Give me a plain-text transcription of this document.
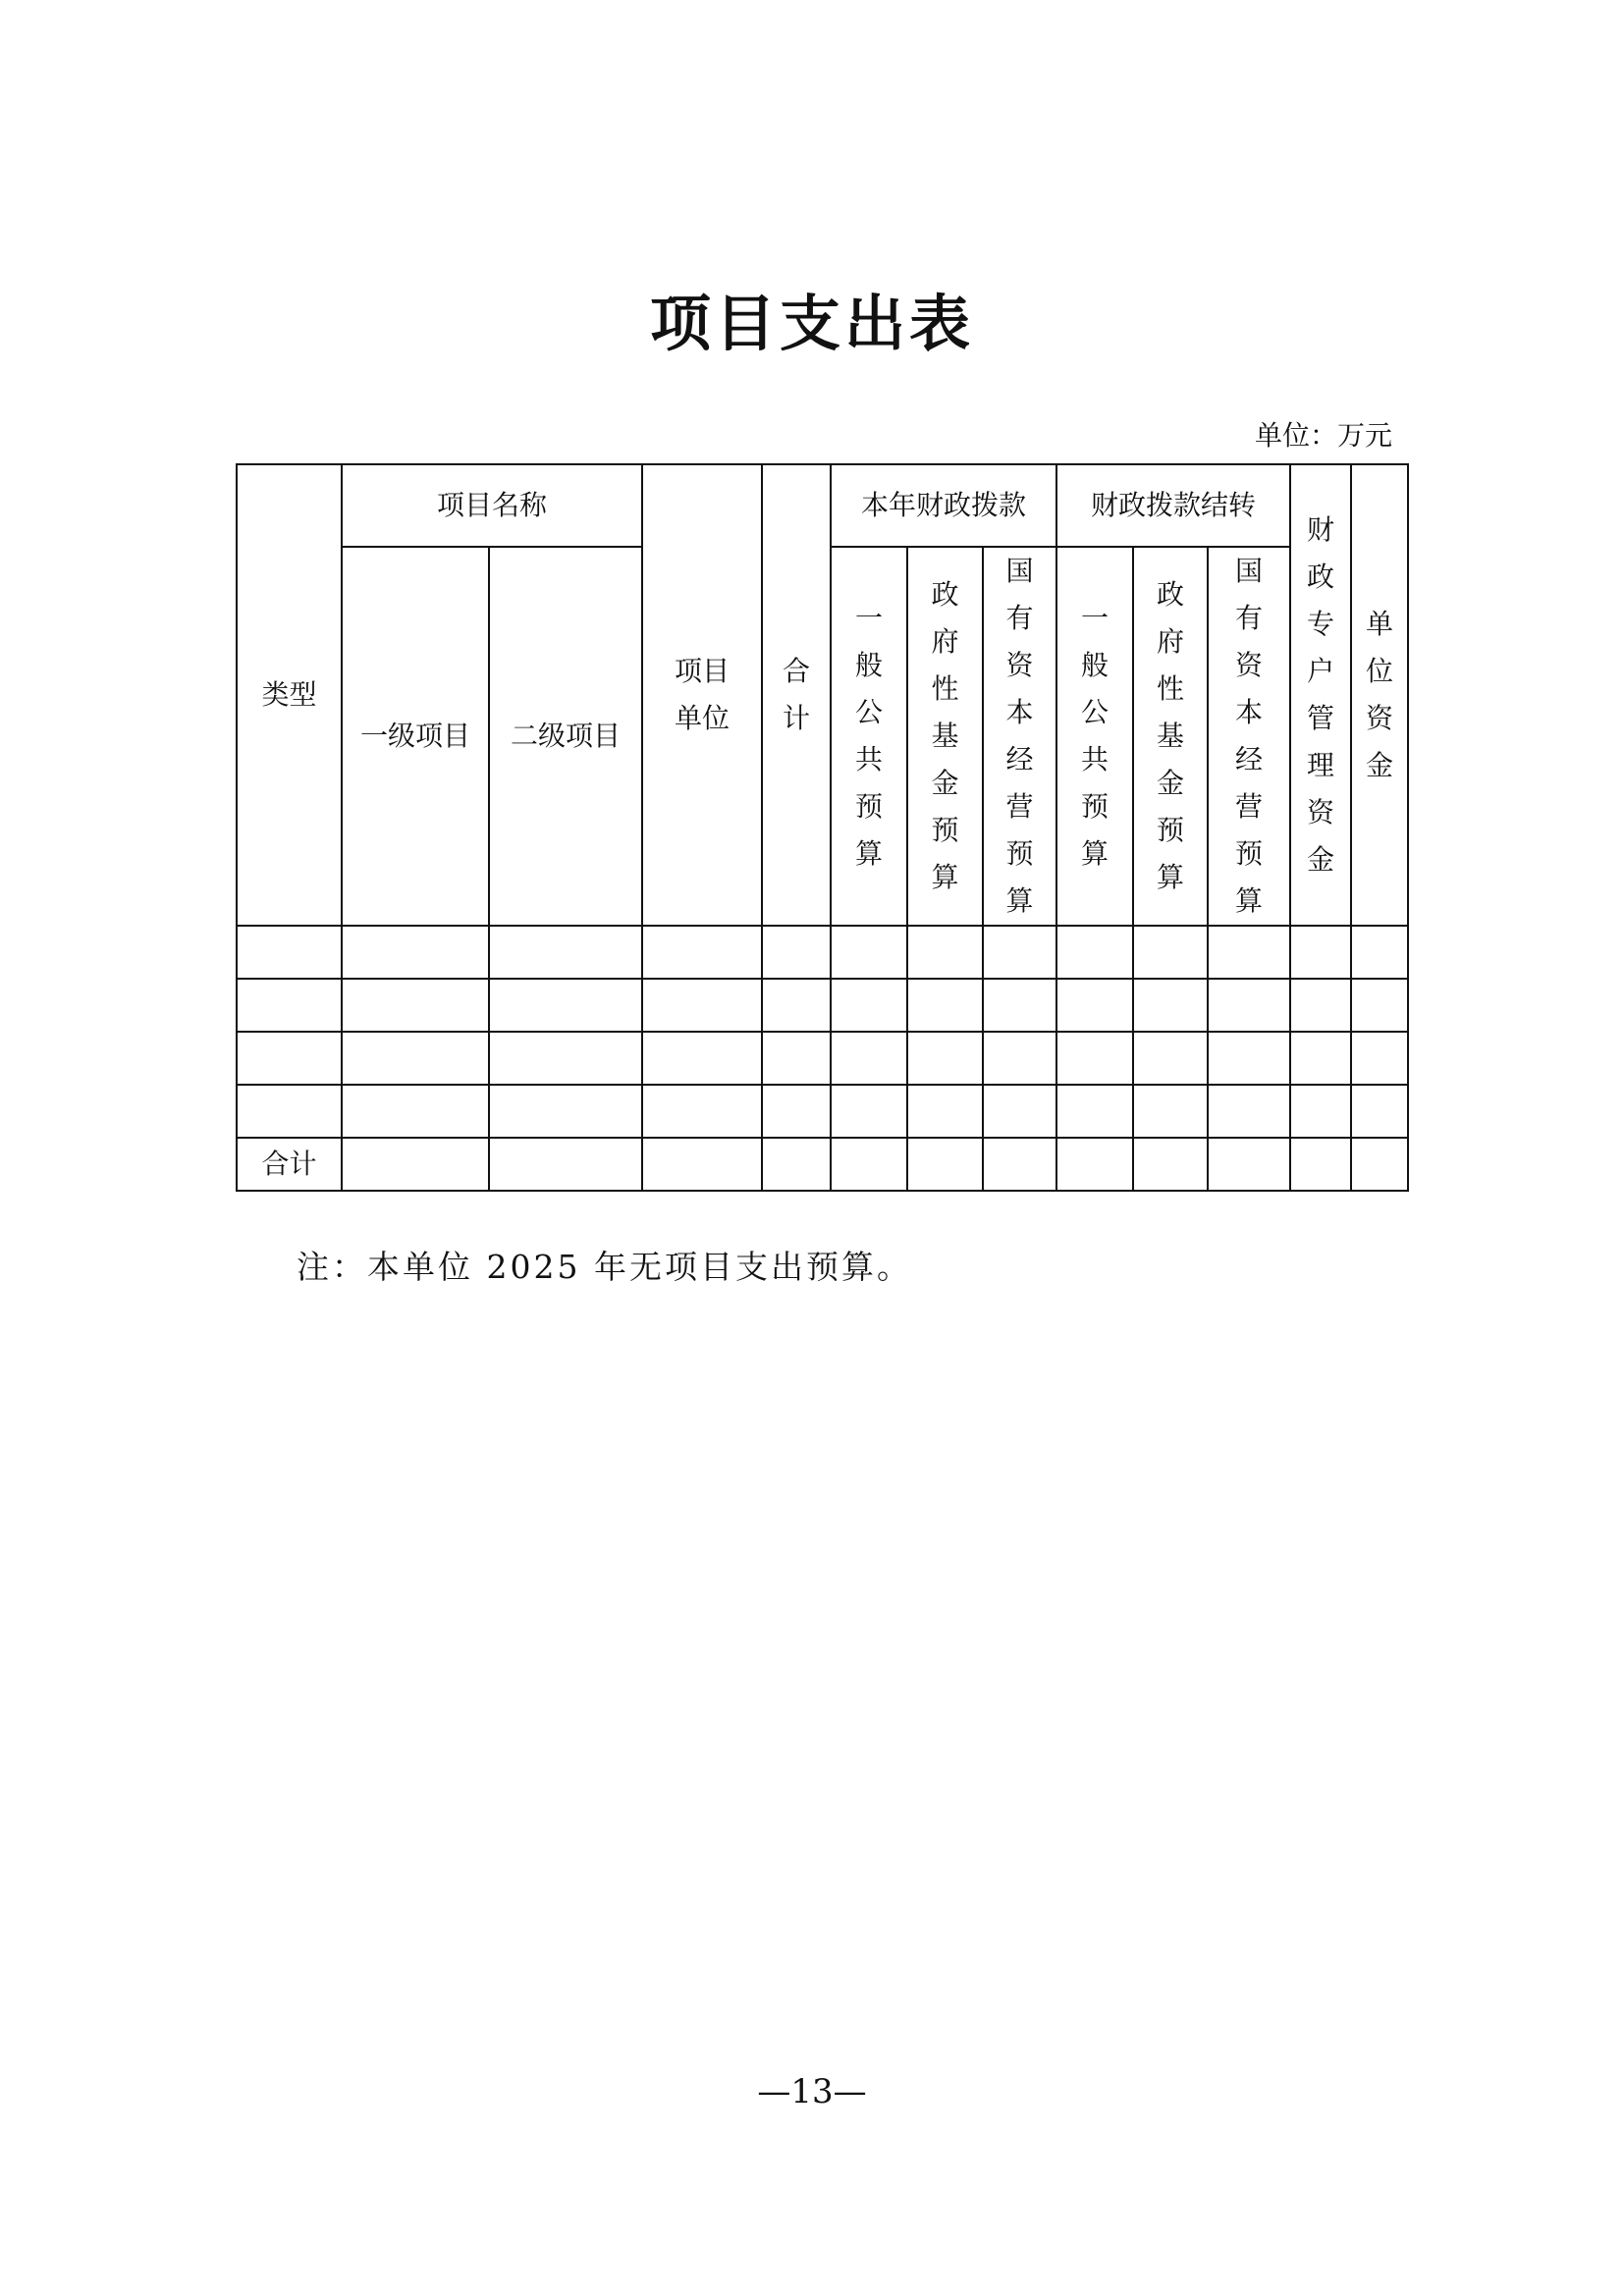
项目支出表
单位：万元
类型	项目名称		项目单位	合计	本年财政拨款			财政拨款结转			财政专户管理资金	单位资金
	一级项目	二级项目			一般公共预算	政府性基金预算	国有资本经营预算	一般公共预算	政府性基金预算	国有资本经营预算		

合计												
注：本单位 2025 年无项目支出预算。
—13—
